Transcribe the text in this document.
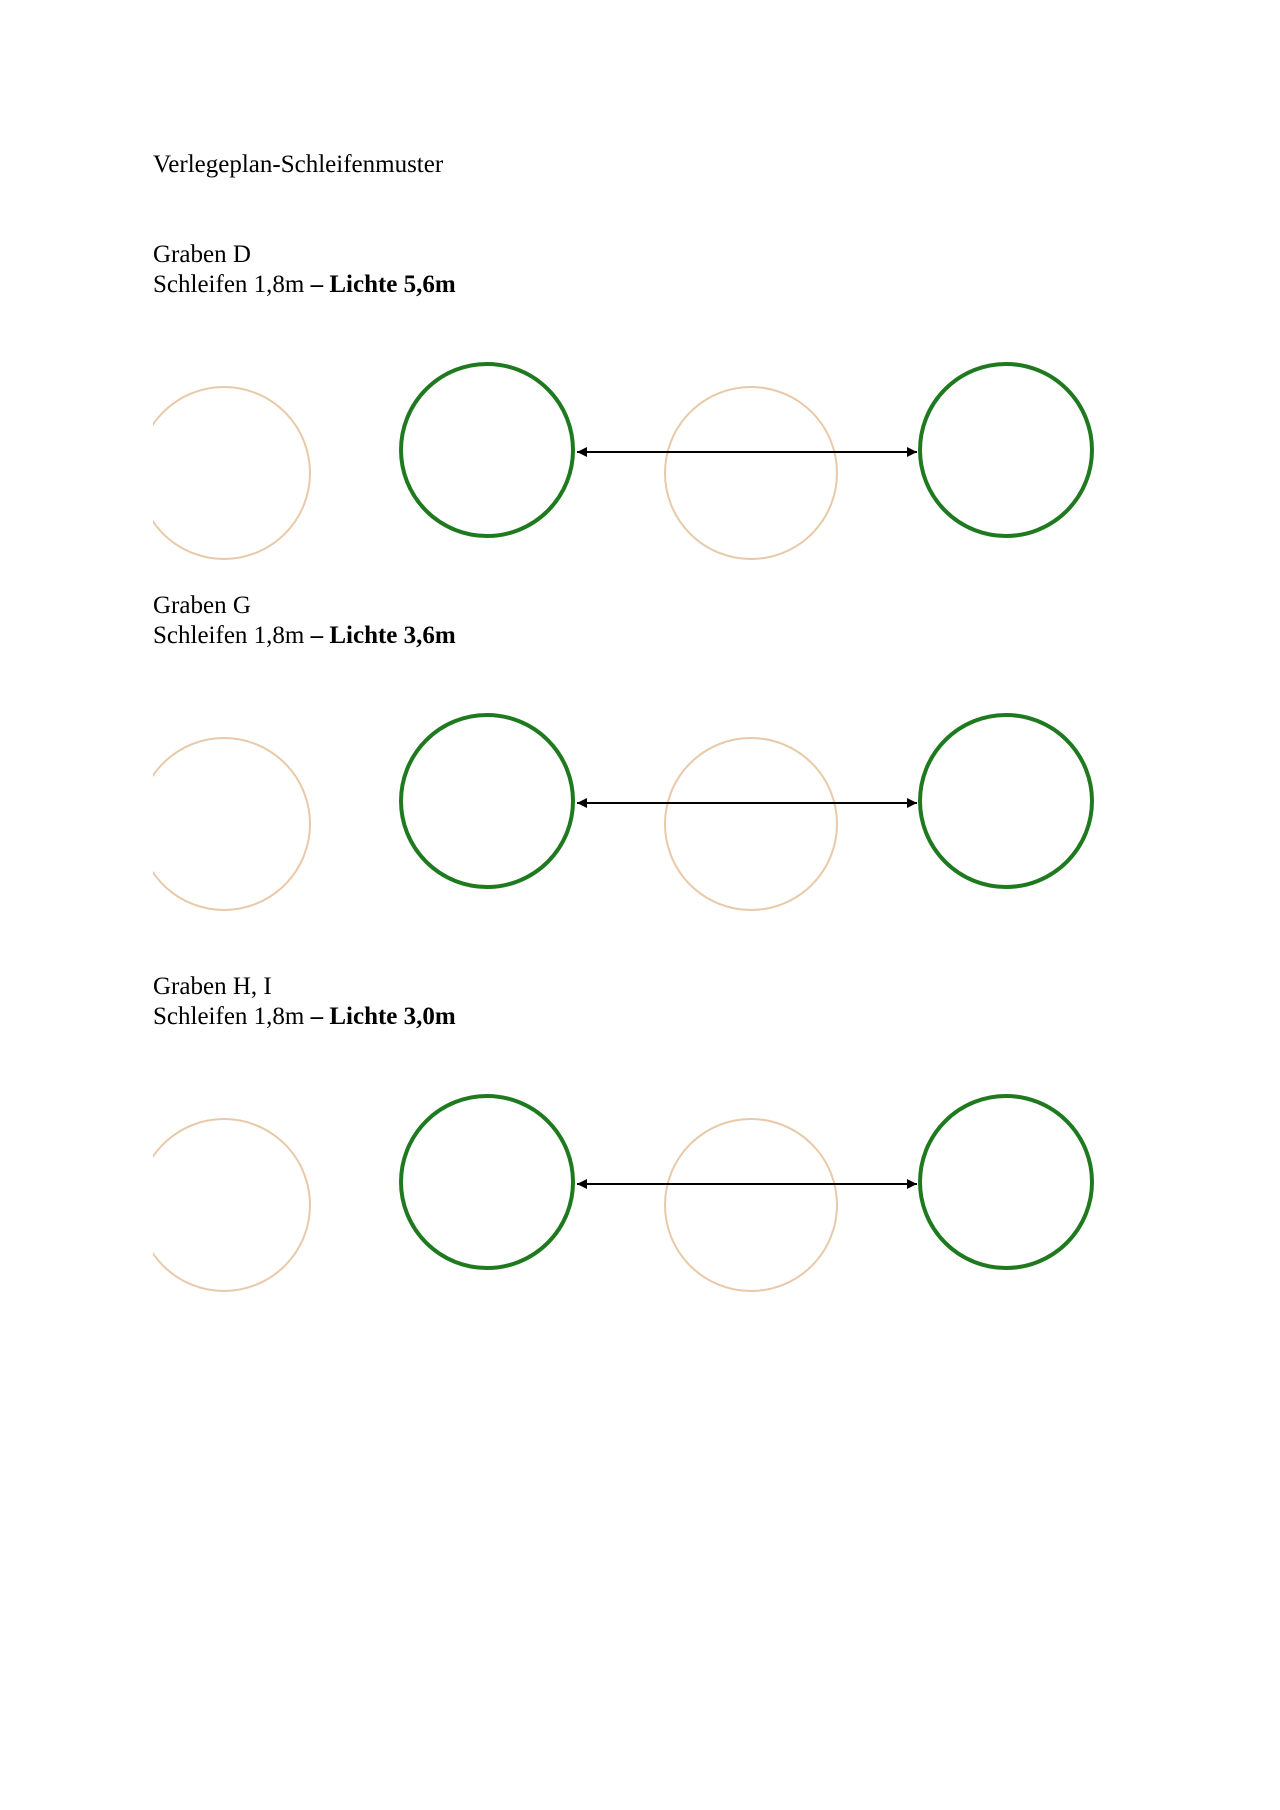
Verlegeplan-Schleifenmuster
Graben D
Schleifen 1,8m – Lichte 5,6m
Graben G
Schleifen 1,8m – Lichte 3,6m
Graben H, I
Schleifen 1,8m – Lichte 3,0m
